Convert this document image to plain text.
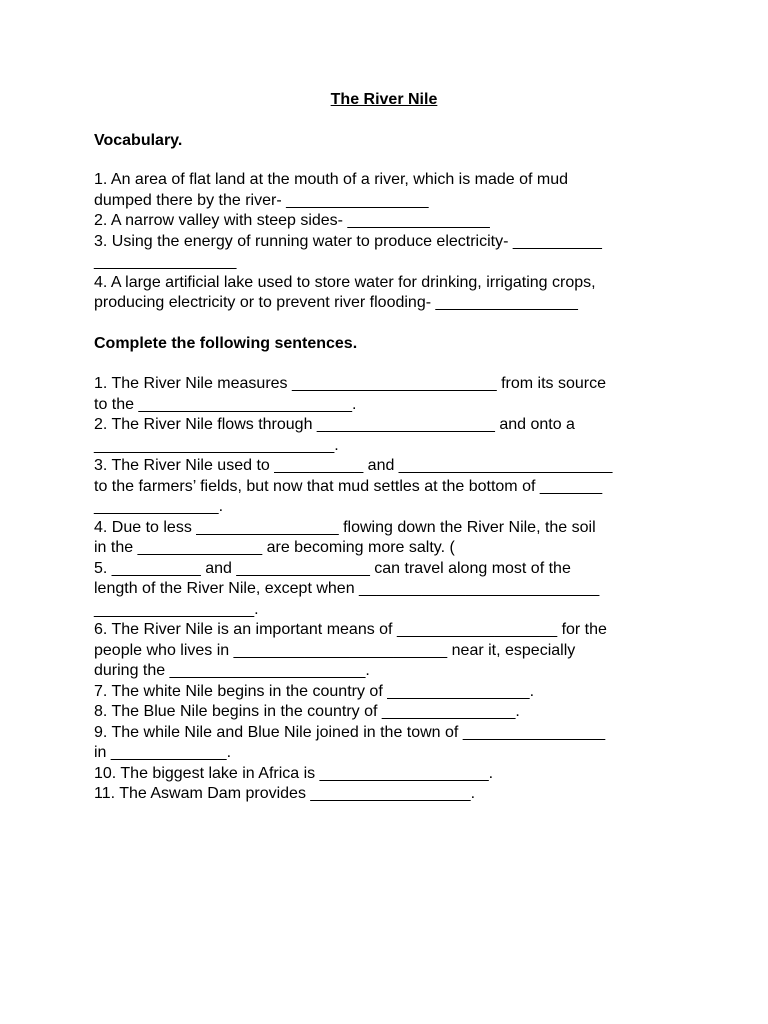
The River Nile
Vocabulary.
1. An area of flat land at the mouth of a river, which is made of mud
dumped there by the river- ________________
2. A narrow valley with steep sides- ________________
3. Using the energy of running water to produce electricity- __________
________________
4. A large artificial lake used to store water for drinking, irrigating crops,
producing electricity or to prevent river flooding- ________________
Complete the following sentences.
1. The River Nile measures _______________________ from its source
to the ________________________.
2. The River Nile flows through ____________________ and onto a
___________________________.
3. The River Nile used to __________ and ________________________
to the farmers’ fields, but now that mud settles at the bottom of _______
______________.
4. Due to less ________________ flowing down the River Nile, the soil
in the ______________ are becoming more salty. (
5. __________ and _______________ can travel along most of the
length of the River Nile, except when ___________________________
__________________.
6. The River Nile is an important means of __________________ for the
people who lives in ________________________ near it, especially
during the ______________________.
7. The white Nile begins in the country of ________________.
8. The Blue Nile begins in the country of _______________.
9. The while Nile and Blue Nile joined in the town of ________________
in _____________.
10. The biggest lake in Africa is ___________________.
11. The Aswam Dam provides __________________.
